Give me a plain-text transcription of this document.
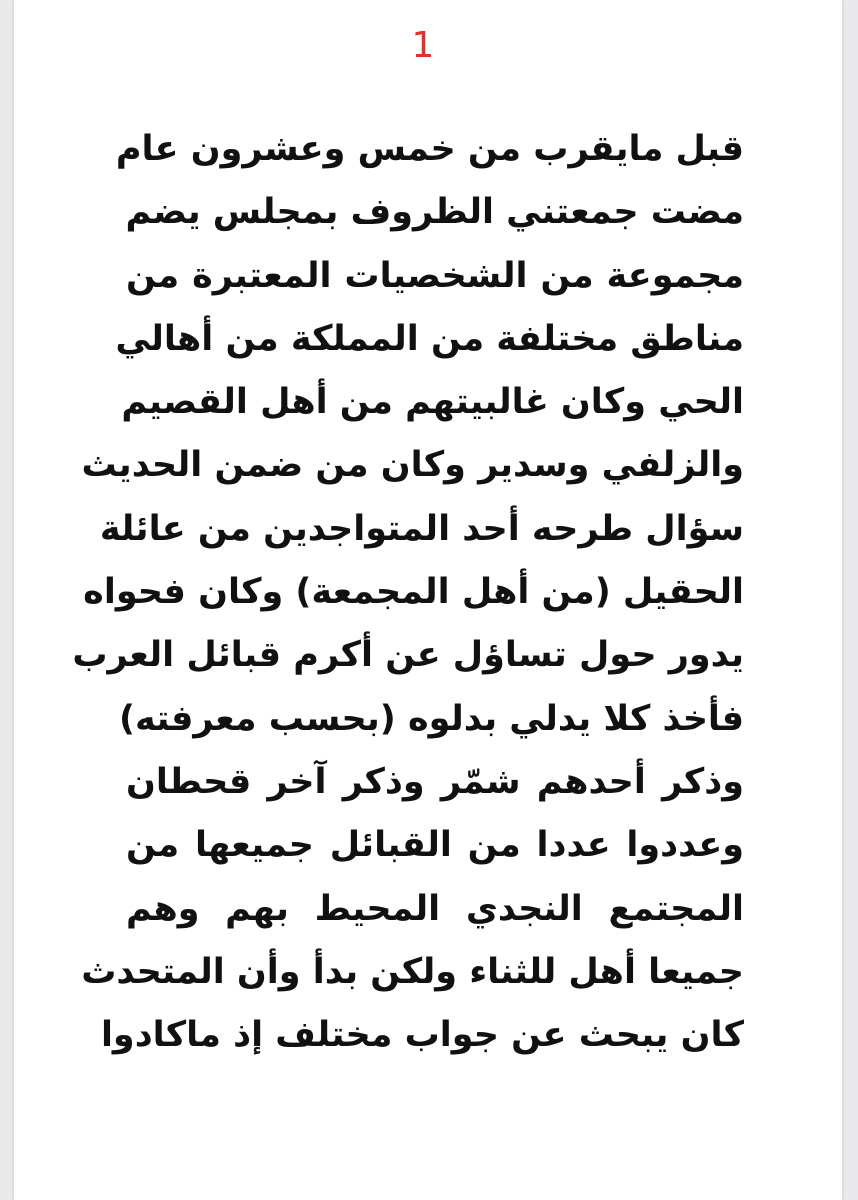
1
قبل مايقرب من خمس وعشرون عام
مضت جمعتني الظروف بمجلس يضم
مجموعة من الشخصيات المعتبرة من
مناطق مختلفة من المملكة من أهالي
الحي وكان غالبيتهم من أهل القصيم
والزلفي وسدير وكان من ضمن الحديث
سؤال طرحه أحد المتواجدين من عائلة
الحقيل (من أهل المجمعة) وكان فحواه
يدور حول تساؤل عن أكرم قبائل العرب
فأخذ كلا يدلي بدلوه (بحسب معرفته)
وذكر أحدهم شمّر وذكر آخر قحطان
وعددوا عددا من القبائل جميعها من
المجتمع النجدي المحيط بهم وهم
جميعا أهل للثناء ولكن بدأ وأن المتحدث
كان يبحث عن جواب مختلف إذ ماكادوا
